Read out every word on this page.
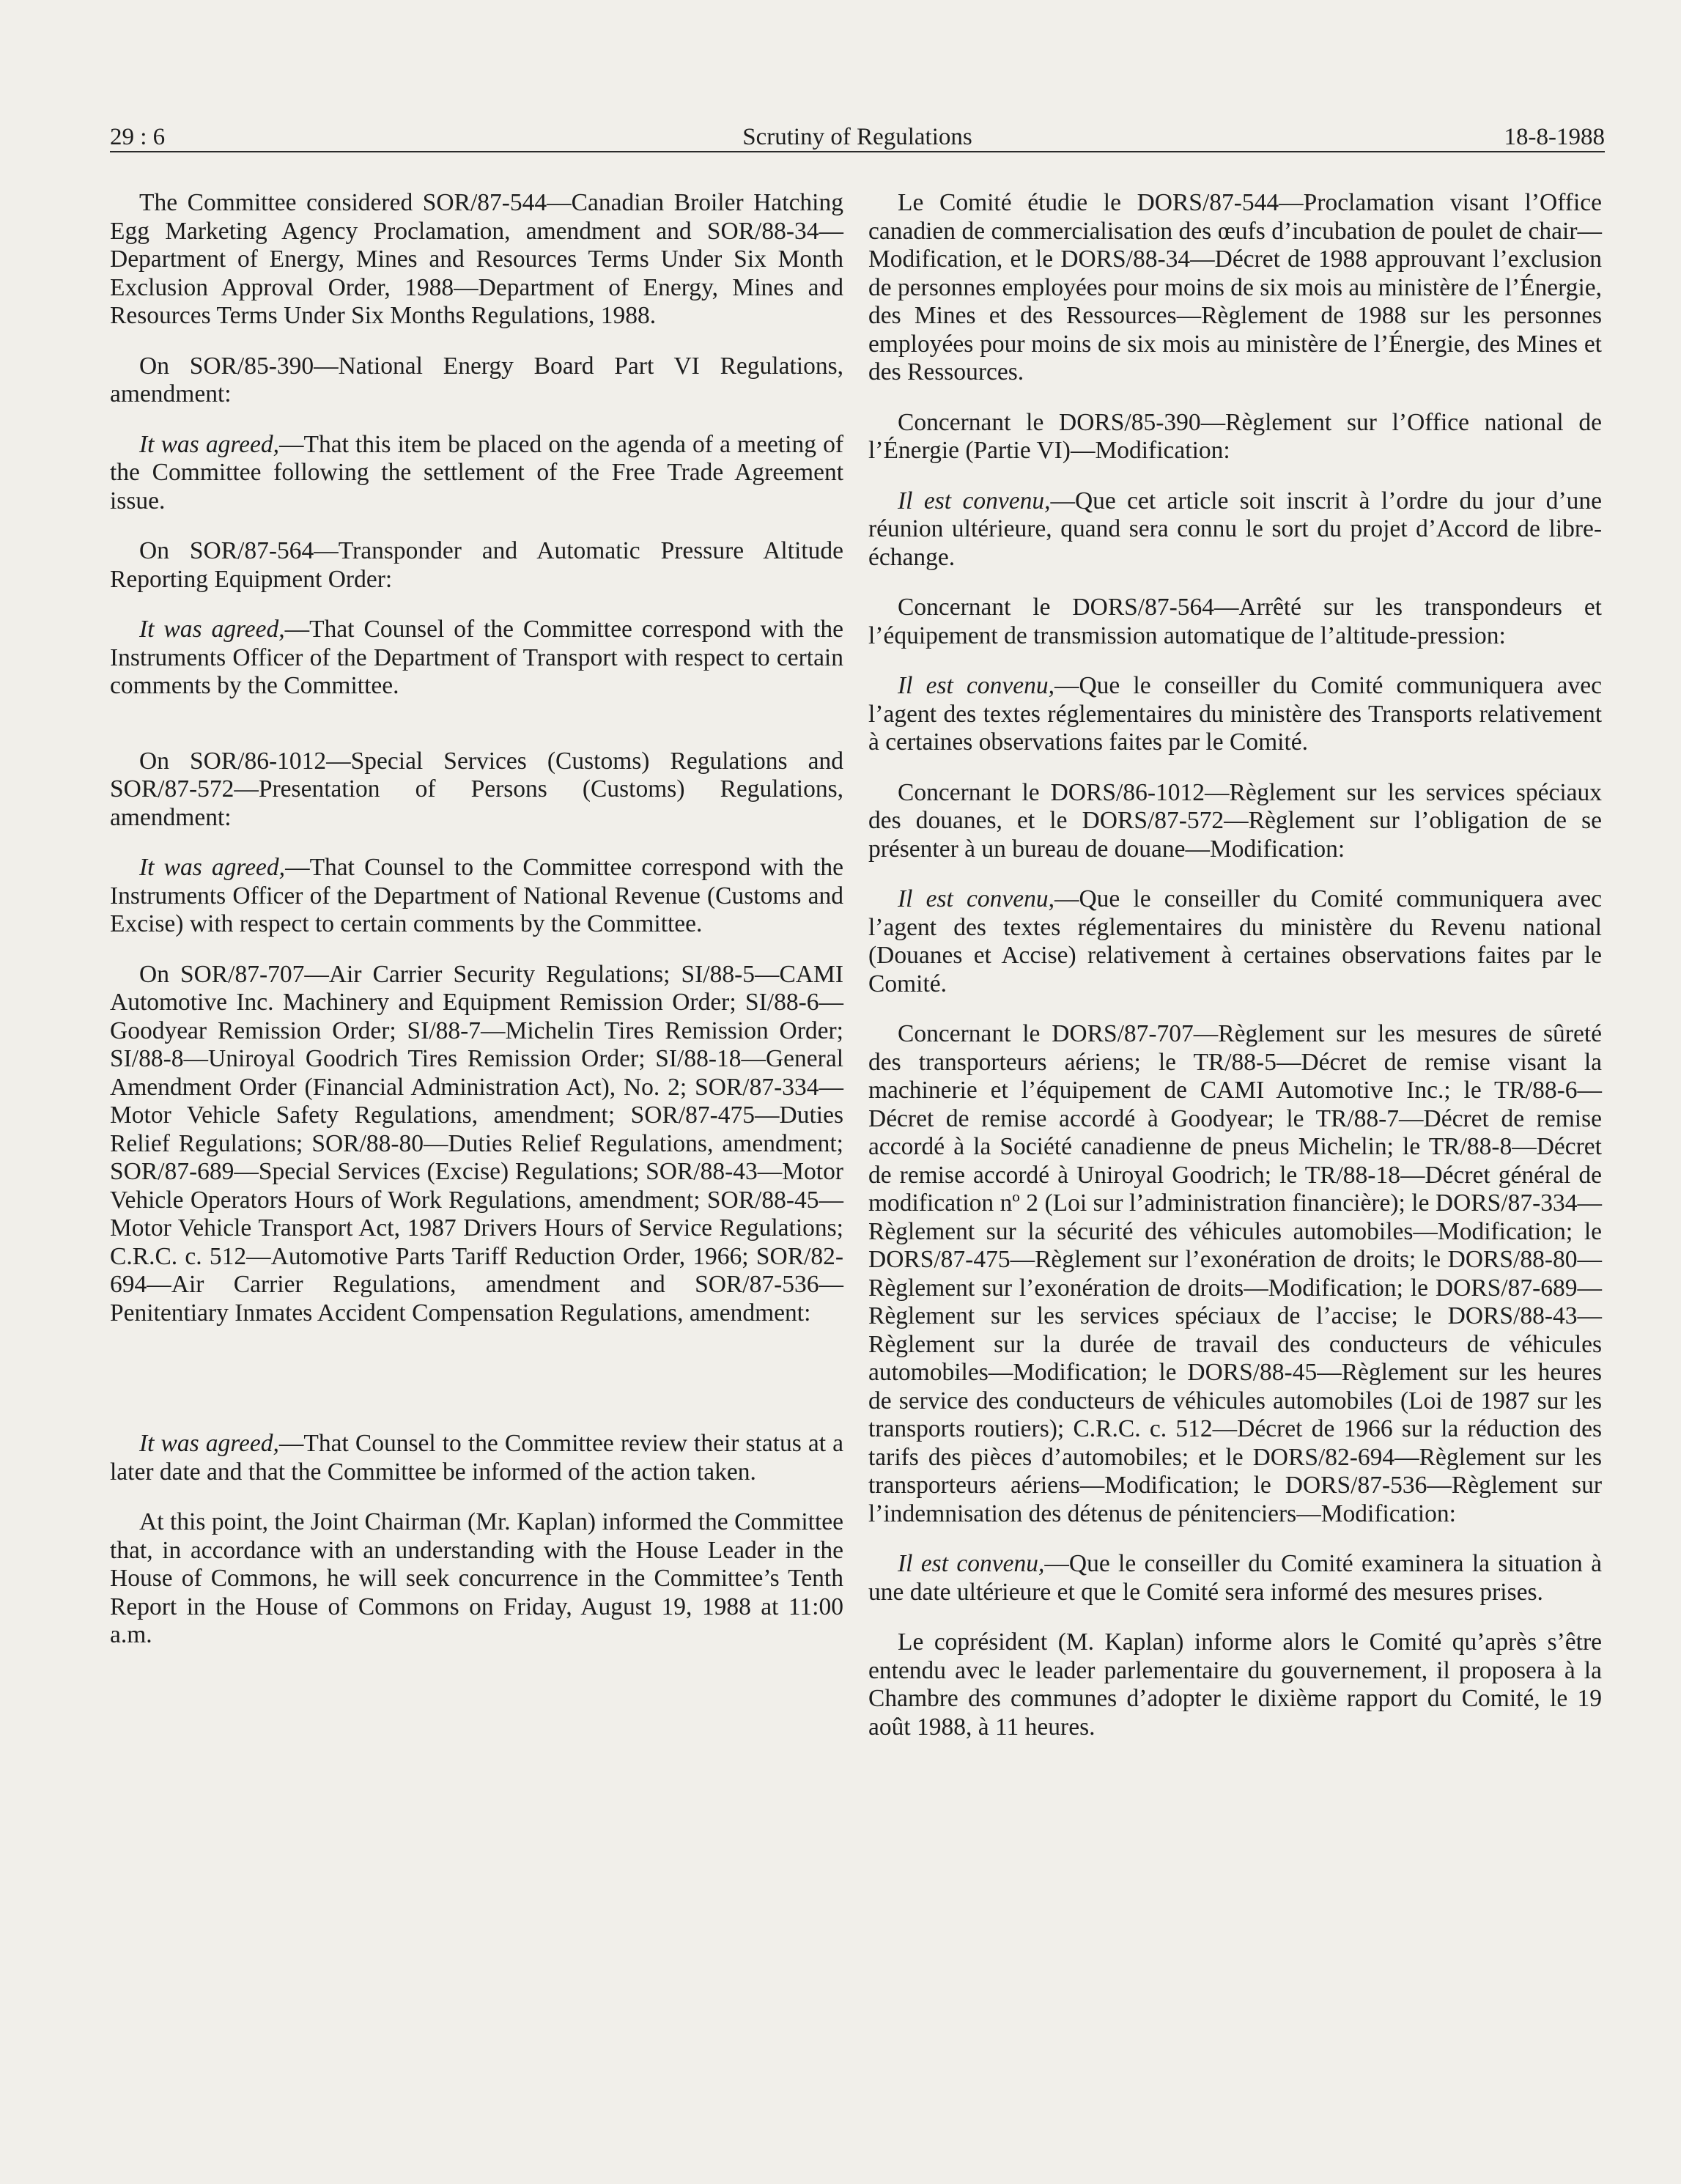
29 : 6	Scrutiny of Regulations	18-8-1988

The Committee considered SOR/87-544—Canadian Broiler Hatching Egg Marketing Agency Proclamation, amendment and SOR/88-34—Department of Energy, Mines and Resources Terms Under Six Month Exclusion Approval Order, 1988—Department of Energy, Mines and Resources Terms Under Six Months Regulations, 1988.

On SOR/85-390—National Energy Board Part VI Regulations, amendment:

It was agreed,—That this item be placed on the agenda of a meeting of the Committee following the settlement of the Free Trade Agreement issue.

On SOR/87-564—Transponder and Automatic Pressure Altitude Reporting Equipment Order:

It was agreed,—That Counsel of the Committee correspond with the Instruments Officer of the Department of Transport with respect to certain comments by the Committee.

On SOR/86-1012—Special Services (Customs) Regulations and SOR/87-572—Presentation of Persons (Customs) Regulations, amendment:

It was agreed,—That Counsel to the Committee correspond with the Instruments Officer of the Department of National Revenue (Customs and Excise) with respect to certain comments by the Committee.

On SOR/87-707—Air Carrier Security Regulations; SI/88-5—CAMI Automotive Inc. Machinery and Equipment Remission Order; SI/88-6—Goodyear Remission Order; SI/88-7—Michelin Tires Remission Order; SI/88-8—Uniroyal Goodrich Tires Remission Order; SI/88-18—General Amendment Order (Financial Administration Act), No. 2; SOR/87-334—Motor Vehicle Safety Regulations, amendment; SOR/87-475—Duties Relief Regulations; SOR/88-80—Duties Relief Regulations, amendment; SOR/87-689—Special Services (Excise) Regulations; SOR/88-43—Motor Vehicle Operators Hours of Work Regulations, amendment; SOR/88-45—Motor Vehicle Transport Act, 1987 Drivers Hours of Service Regulations; C.R.C. c. 512—Automotive Parts Tariff Reduction Order, 1966; SOR/82-694—Air Carrier Regulations, amendment and SOR/87-536—Penitentiary Inmates Accident Compensation Regulations, amendment:

It was agreed,—That Counsel to the Committee review their status at a later date and that the Committee be informed of the action taken.

At this point, the Joint Chairman (Mr. Kaplan) informed the Committee that, in accordance with an understanding with the House Leader in the House of Commons, he will seek concurrence in the Committee’s Tenth Report in the House of Commons on Friday, August 19, 1988 at 11:00 a.m.

Le Comité étudie le DORS/87-544—Proclamation visant l’Office canadien de commercialisation des œufs d’incubation de poulet de chair—Modification, et le DORS/88-34—Décret de 1988 approuvant l’exclusion de personnes employées pour moins de six mois au ministère de l’Énergie, des Mines et des Ressources—Règlement de 1988 sur les personnes employées pour moins de six mois au ministère de l’Énergie, des Mines et des Ressources.

Concernant le DORS/85-390—Règlement sur l’Office national de l’Énergie (Partie VI)—Modification:

Il est convenu,—Que cet article soit inscrit à l’ordre du jour d’une réunion ultérieure, quand sera connu le sort du projet d’Accord de libre-échange.

Concernant le DORS/87-564—Arrêté sur les transpondeurs et l’équipement de transmission automatique de l’altitude-pression:

Il est convenu,—Que le conseiller du Comité communiquera avec l’agent des textes réglementaires du ministère des Transports relativement à certaines observations faites par le Comité.

Concernant le DORS/86-1012—Règlement sur les services spéciaux des douanes, et le DORS/87-572—Règlement sur l’obligation de se présenter à un bureau de douane—Modification:

Il est convenu,—Que le conseiller du Comité communiquera avec l’agent des textes réglementaires du ministère du Revenu national (Douanes et Accise) relativement à certaines observations faites par le Comité.

Concernant le DORS/87-707—Règlement sur les mesures de sûreté des transporteurs aériens; le TR/88-5—Décret de remise visant la machinerie et l’équipement de CAMI Automotive Inc.; le TR/88-6—Décret de remise accordé à Goodyear; le TR/88-7—Décret de remise accordé à la Société canadienne de pneus Michelin; le TR/88-8—Décret de remise accordé à Uniroyal Goodrich; le TR/88-18—Décret général de modification nº 2 (Loi sur l’administration financière); le DORS/87-334—Règlement sur la sécurité des véhicules automobiles—Modification; le DORS/87-475—Règlement sur l’exonération de droits; le DORS/88-80—Règlement sur l’exonération de droits—Modification; le DORS/87-689—Règlement sur les services spéciaux de l’accise; le DORS/88-43—Règlement sur la durée de travail des conducteurs de véhicules automobiles—Modification; le DORS/88-45—Règlement sur les heures de service des conducteurs de véhicules automobiles (Loi de 1987 sur les transports routiers); C.R.C. c. 512—Décret de 1966 sur la réduction des tarifs des pièces d’automobiles; et le DORS/82-694—Règlement sur les transporteurs aériens—Modification; le DORS/87-536—Règlement sur l’indemnisation des détenus de pénitenciers—Modification:

Il est convenu,—Que le conseiller du Comité examinera la situation à une date ultérieure et que le Comité sera informé des mesures prises.

Le coprésident (M. Kaplan) informe alors le Comité qu’après s’être entendu avec le leader parlementaire du gouvernement, il proposera à la Chambre des communes d’adopter le dixième rapport du Comité, le 19 août 1988, à 11 heures.
